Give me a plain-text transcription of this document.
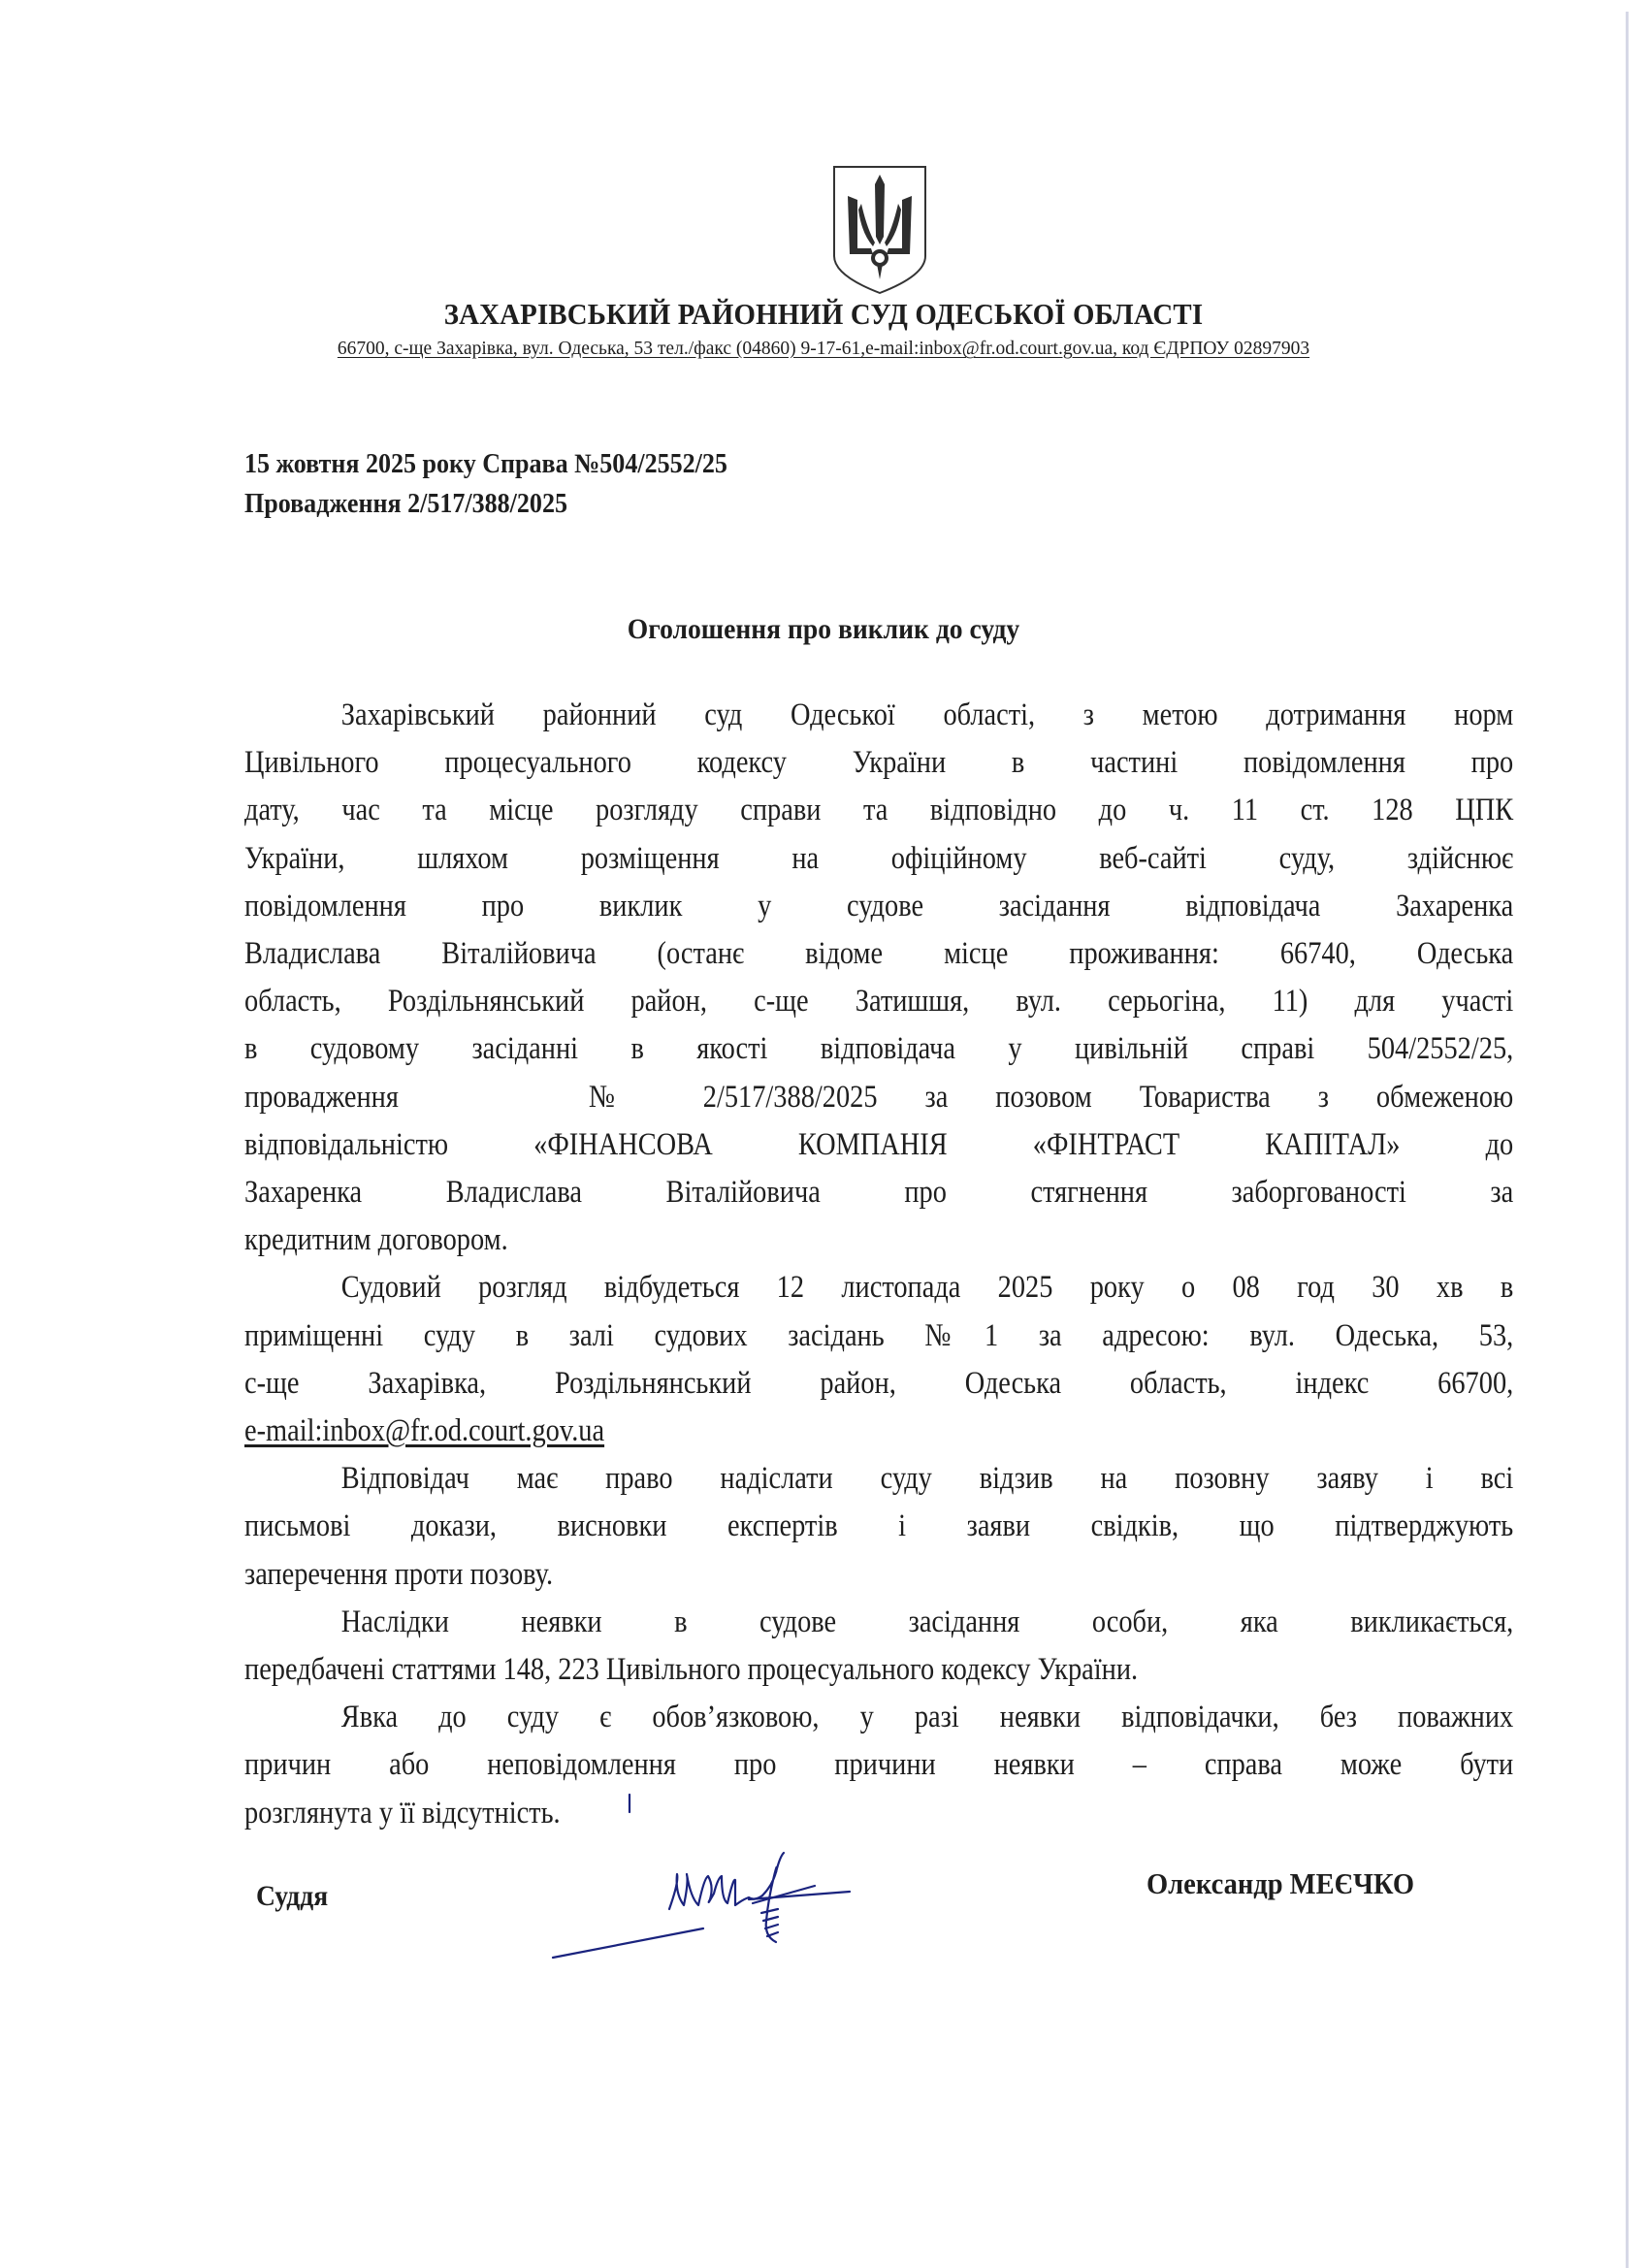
ЗАХАРІВСЬКИЙ РАЙОННИЙ СУД ОДЕСЬКОЇ ОБЛАСТІ
66700, с-ще Захарівка, вул. Одеська, 53 тел./факс (04860) 9-17-61,e-mail:inbox@fr.od.court.gov.ua, код ЄДРПОУ 02897903
15 жовтня 2025 року Справа №504/2552/25
Провадження 2/517/388/2025
Оголошення про виклик до суду
Захарівський районний суд Одеської області, з метою дотримання норм
Цивільного процесуального кодексу України в частині повідомлення про
дату, час та місце розгляду справи та відповідно до ч. 11 ст. 128 ЦПК
України, шляхом розміщення на офіційному веб-сайті суду, здійснює
повідомлення про виклик у судове засідання відповідача Захаренка
Владислава Віталійовича (останє відоме місце проживання: 66740, Одеська
область, Роздільнянський район, с-ще Затишшя, вул. серьогіна, 11) для участі
в судовому засіданні в якості відповідача у цивільній справі 504/2552/25,
провадження    № 2/517/388/2025 за позовом Товариства з обмеженою
відповідальністю «ФІНАНСОВА КОМПАНІЯ «ФІНТРАСТ КАПІТАЛ» до
Захаренка Владислава Віталійовича про стягнення заборгованості за
кредитним договором.
Судовий розгляд відбудеться 12 листопада 2025 року о 08 год 30 хв в
приміщенні суду в залі судових засідань №1 за адресою: вул. Одеська, 53,
с-ще Захарівка, Роздільнянський район, Одеська область, індекс 66700,
e-mail:inbox@fr.od.court.gov.ua
Відповідач має право надіслати суду відзив на позовну заяву і всі
письмові докази, висновки експертів і заяви свідків, що підтверджують
заперечення проти позову.
Наслідки неявки в судове засідання особи, яка викликається,
передбачені статтями 148, 223 Цивільного процесуального кодексу України.
Явка до суду є обов’язковою, у разі неявки відповідачки, без поважних
причин або неповідомлення про причини неявки – справа може бути
розглянута у її відсутність.
Суддя	Олександр МЕЄЧКО
